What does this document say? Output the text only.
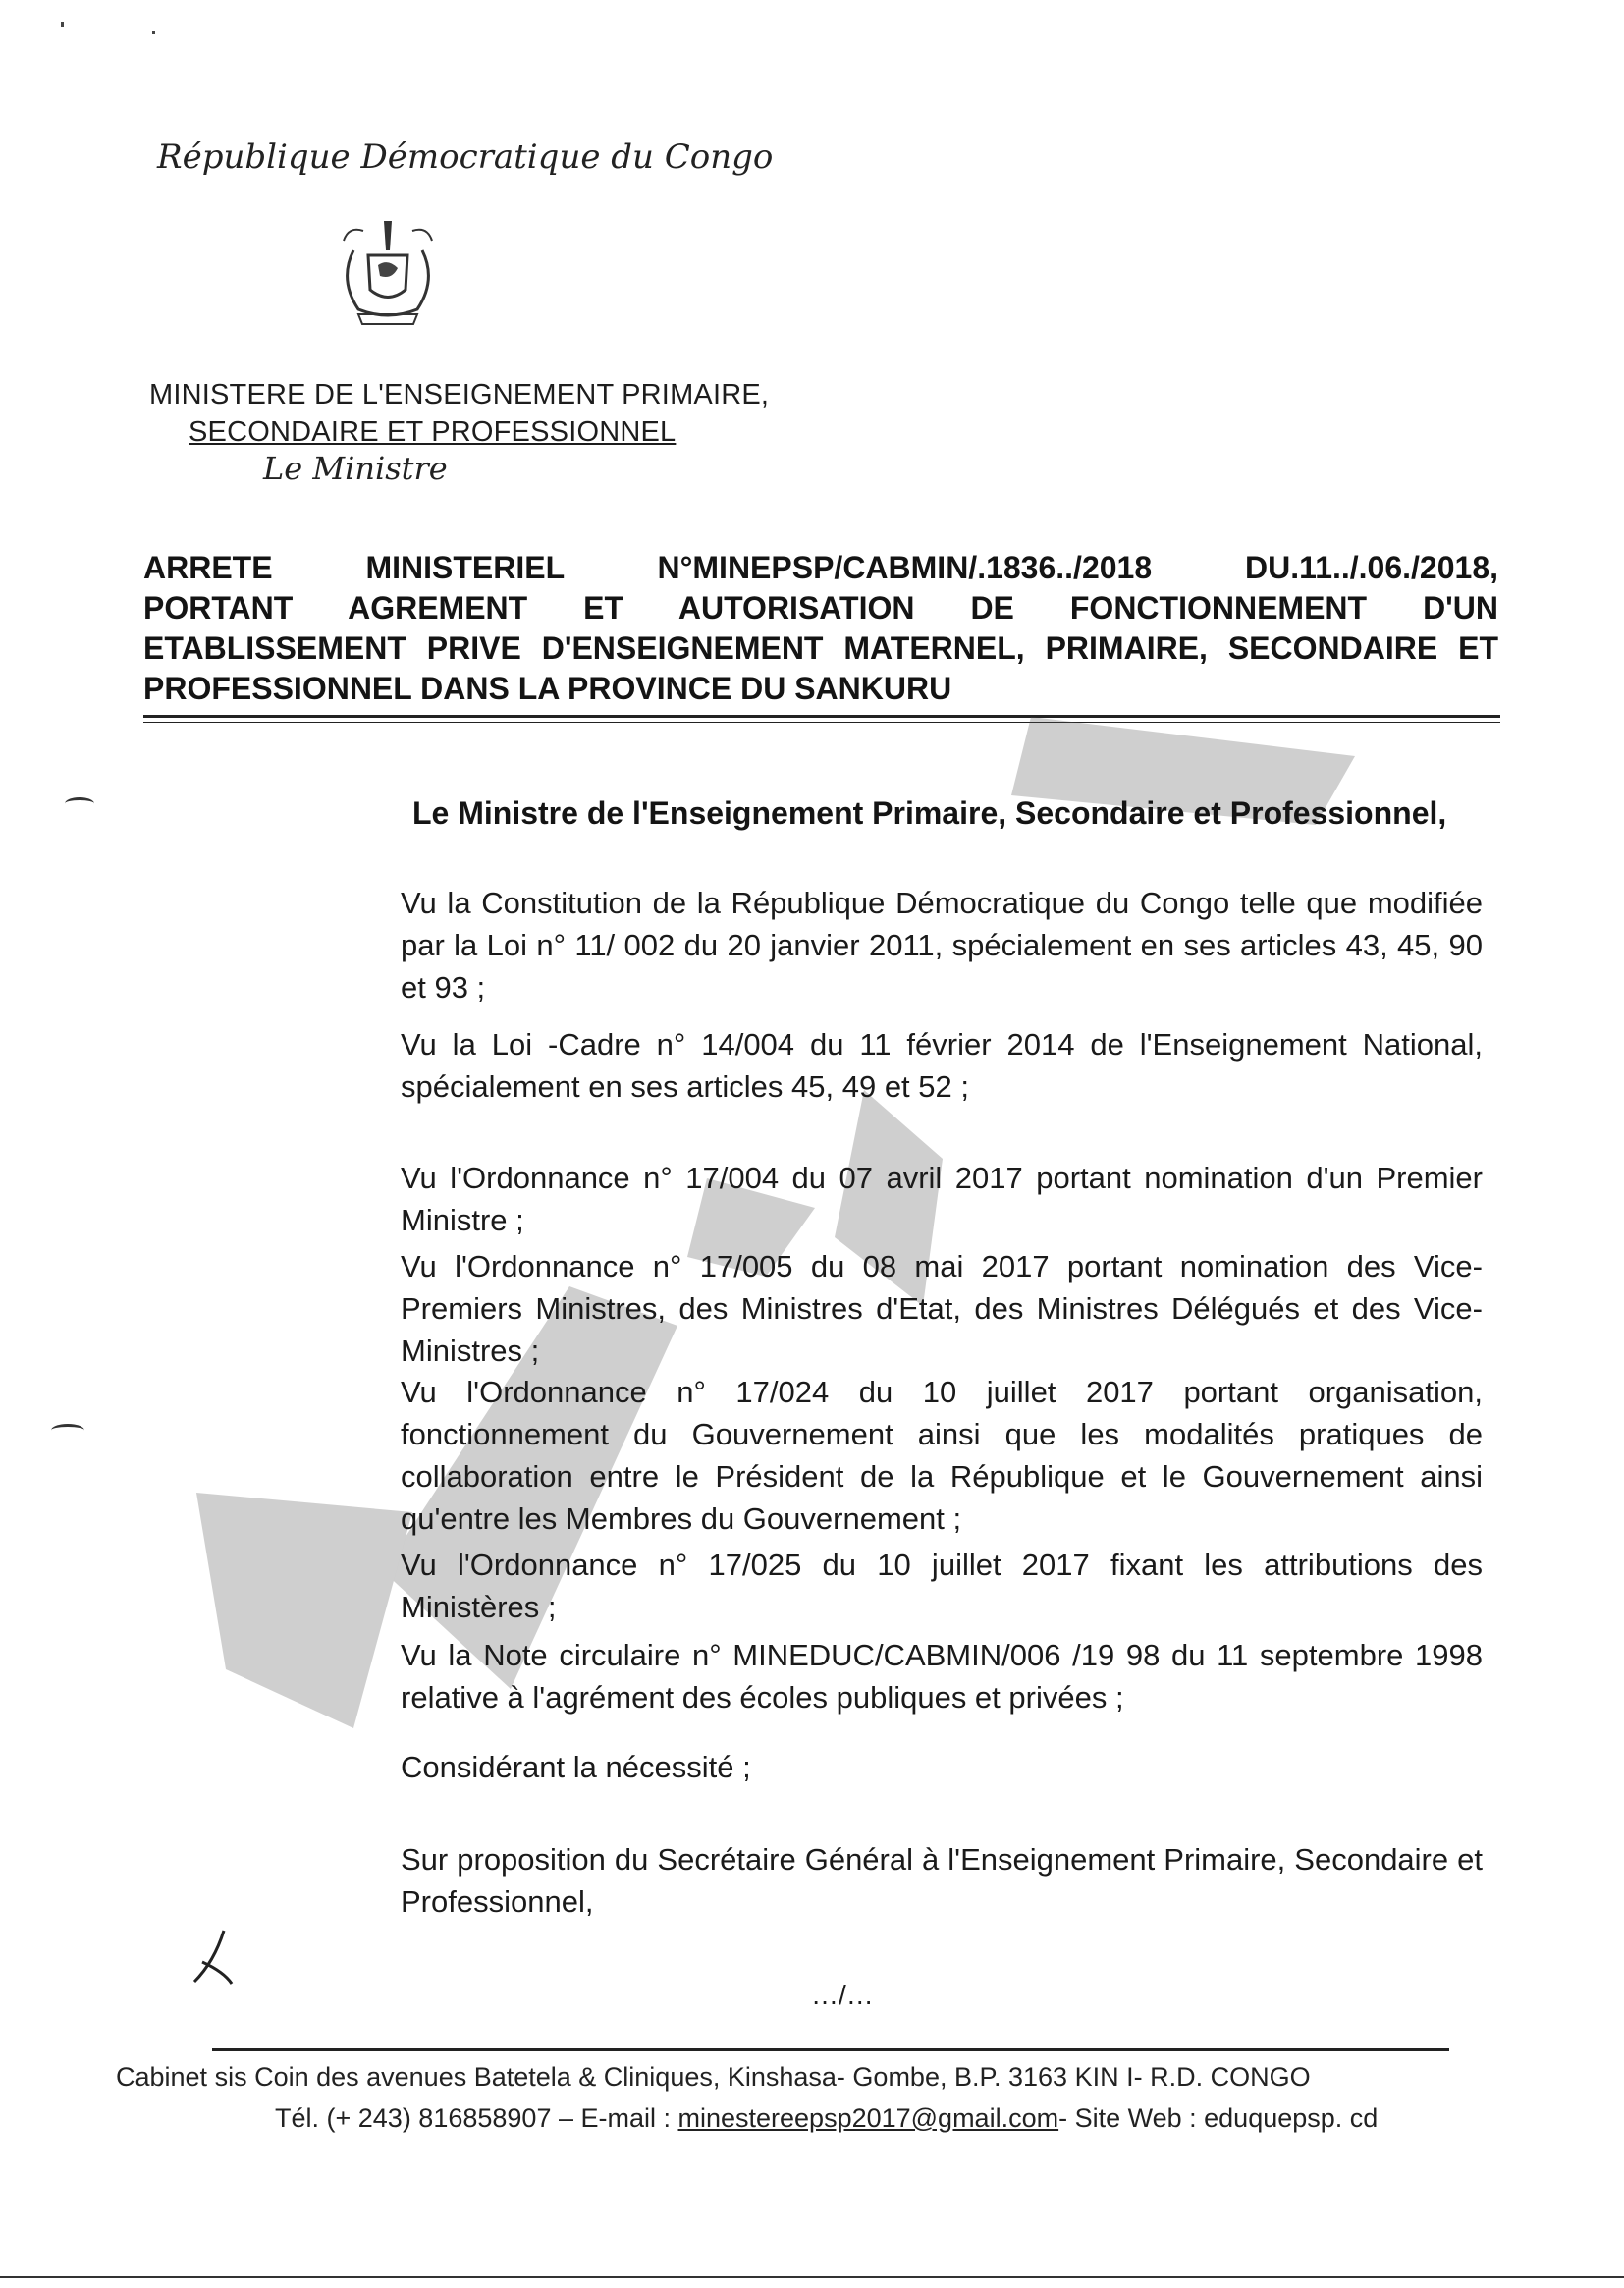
République Démocratique du Congo
MINISTERE DE L'ENSEIGNEMENT PRIMAIRE,
SECONDAIRE ET PROFESSIONNEL
Le Ministre
ARRETE MINISTERIEL N°MINEPSP/CABMIN/.1836../2018 DU.11../.06./2018,
PORTANT AGREMENT ET AUTORISATION DE FONCTIONNEMENT D'UN
ETABLISSEMENT PRIVE D'ENSEIGNEMENT MATERNEL, PRIMAIRE, SECONDAIRE ET
PROFESSIONNEL DANS LA PROVINCE DU SANKURU
Le Ministre de l'Enseignement Primaire, Secondaire et Professionnel,
Vu la Constitution de la République Démocratique du Congo telle que modifiée par la Loi n° 11/ 002 du 20 janvier 2011, spécialement en ses articles 43, 45, 90 et 93 ;
Vu la Loi -Cadre n° 14/004 du 11 février 2014 de l'Enseignement National, spécialement en ses articles 45, 49 et 52 ;
Vu l'Ordonnance n° 17/004 du 07 avril 2017 portant nomination d'un Premier Ministre ;
Vu l'Ordonnance n° 17/005 du 08 mai 2017 portant nomination des Vice-Premiers Ministres, des Ministres d'Etat, des Ministres Délégués et des Vice-Ministres ;
Vu l'Ordonnance n° 17/024 du 10 juillet 2017 portant organisation, fonctionnement du Gouvernement ainsi que les modalités pratiques de collaboration entre le Président de la République et le Gouvernement ainsi qu'entre les Membres du Gouvernement ;
Vu l'Ordonnance n° 17/025 du 10 juillet 2017 fixant les attributions des Ministères ;
Vu la Note circulaire n° MINEDUC/CABMIN/006 /19 98 du 11 septembre 1998 relative à l'agrément des écoles publiques et privées ;
Considérant la nécessité ;
Sur proposition du Secrétaire Général à l'Enseignement Primaire, Secondaire et Professionnel,
…/…
Cabinet sis Coin des avenues Batetela & Cliniques, Kinshasa- Gombe, B.P. 3163 KIN I- R.D. CONGO
Tél. (+ 243) 816858907 – E-mail : minestereepsp2017@gmail.com- Site Web : eduquepsp. cd
